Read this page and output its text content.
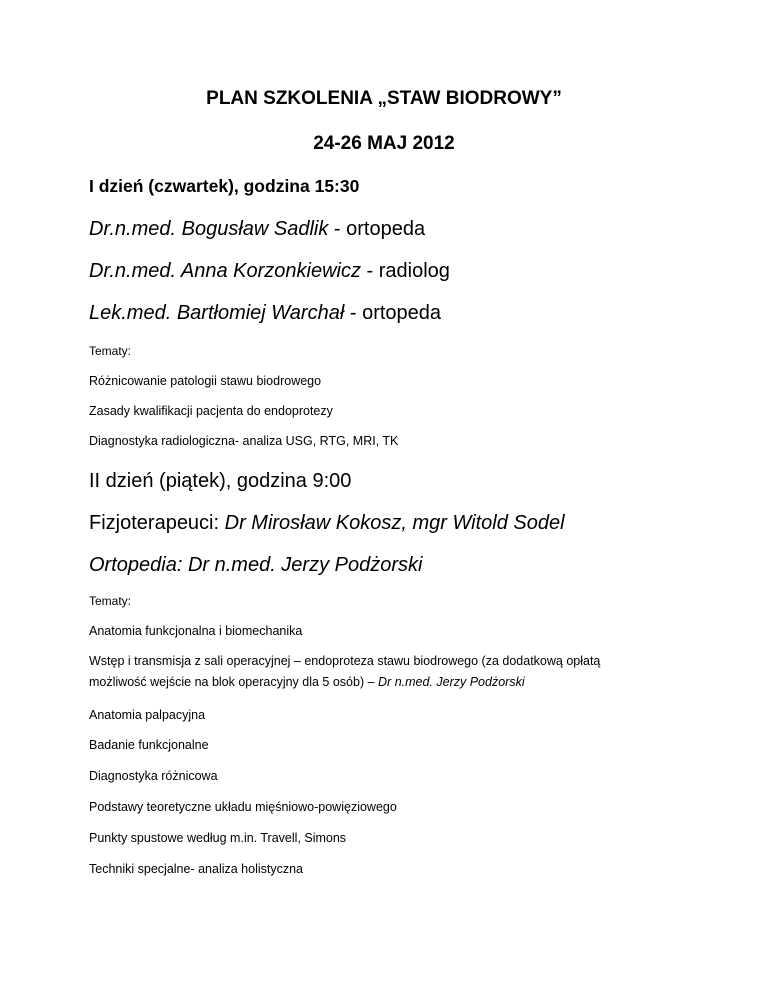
PLAN SZKOLENIA „STAW BIODROWY”
24-26 MAJ 2012
I dzień (czwartek), godzina 15:30
Dr.n.med. Bogusław Sadlik - ortopeda
Dr.n.med. Anna Korzonkiewicz - radiolog
Lek.med. Bartłomiej Warchał - ortopeda
Tematy:
Różnicowanie patologii stawu biodrowego
Zasady kwalifikacji pacjenta do endoprotezy
Diagnostyka radiologiczna- analiza USG, RTG, MRI, TK
II dzień (piątek), godzina 9:00
Fizjoterapeuci: Dr Mirosław Kokosz, mgr Witold Sodel
Ortopedia: Dr n.med. Jerzy Podżorski
Tematy:
Anatomia funkcjonalna i biomechanika
Wstęp i transmisja z sali operacyjnej – endoproteza stawu biodrowego (za dodatkową opłatą
możliwość wejście na blok operacyjny dla 5 osób) – Dr n.med. Jerzy Podżorski
Anatomia palpacyjna
Badanie funkcjonalne
Diagnostyka różnicowa
Podstawy teoretyczne układu mięśniowo-powięziowego
Punkty spustowe według m.in. Travell, Simons
Techniki specjalne- analiza holistyczna
